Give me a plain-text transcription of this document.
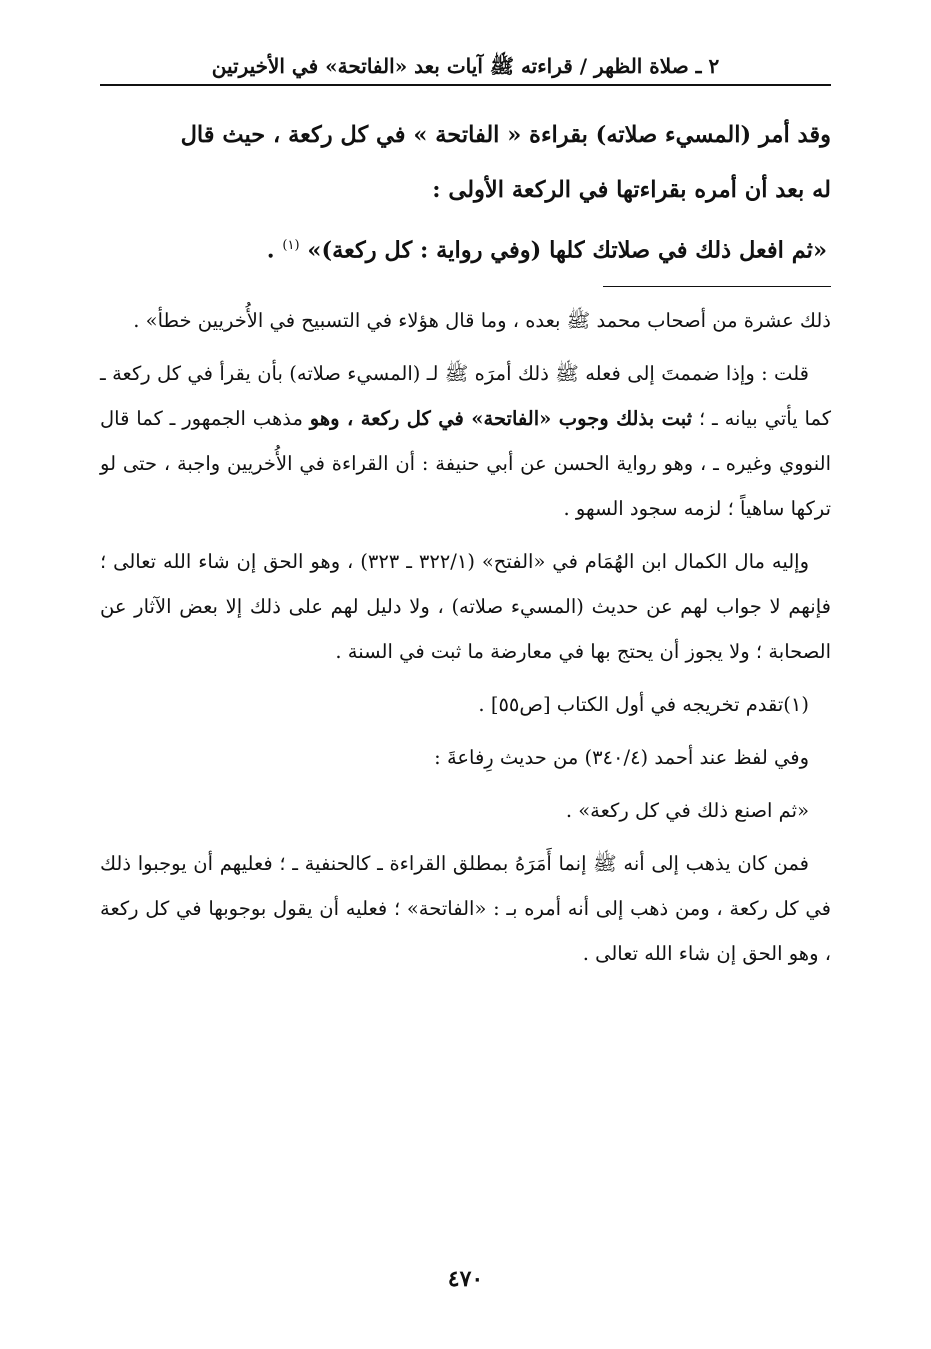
٢ ـ صلاة الظهر / قراءته ﷺ آيات بعد «الفاتحة» في الأخيرتين

وقد أمر (المسيء صلاته) بقراءة « الفاتحة » في كل ركعة ، حيث قال

له بعد أن أمره بقراءتها في الركعة الأولى :

«ثم افعل ذلك في صلاتك كلها (وفي رواية : كل ركعة)» $^{(١)}$ .

ذلك عشرة من أصحاب محمد ﷺ بعده ، وما قال هؤلاء في التسبيح في الأُخريين خطأ» .

قلت : وإذا ضممتَ إلى فعله ﷺ ذلك أمرَه ﷺ لـ (المسيء صلاته) بأن يقرأ في كل ركعة ـ كما يأتي بيانه ـ ؛ ثبت بذلك وجوب «الفاتحة» في كل ركعة ، وهو مذهب الجمهور ـ كما قال النووي وغيره ـ ، وهو رواية الحسن عن أبي حنيفة : أن القراءة في الأُخريين واجبة ، حتى لو تركها ساهياً ؛ لزمه سجود السهو .

وإليه مال الكمال ابن الهُمَام في «الفتح» (٣٢٢/١ ـ ٣٢٣) ، وهو الحق إن شاء الله تعالى ؛ فإنهم لا جواب لهم عن حديث (المسيء صلاته) ، ولا دليل لهم على ذلك إلا بعض الآثار عن الصحابة ؛ ولا يجوز أن يحتج بها في معارضة ما ثبت في السنة .

(١)تقدم تخريجه في أول الكتاب [ص٥٥] .

وفي لفظ عند أحمد (٣٤٠/٤) من حديث رِفاعةَ :

«ثم اصنع ذلك في كل ركعة» .

فمن كان يذهب إلى أنه ﷺ إنما أَمَرَهُ بمطلق القراءة ـ كالحنفية ـ ؛ فعليهم أن يوجبوا ذلك في كل ركعة ، ومن ذهب إلى أنه أمره بـ : «الفاتحة» ؛ فعليه أن يقول بوجوبها في كل ركعة ، وهو الحق إن شاء الله تعالى .

٤٧٠
